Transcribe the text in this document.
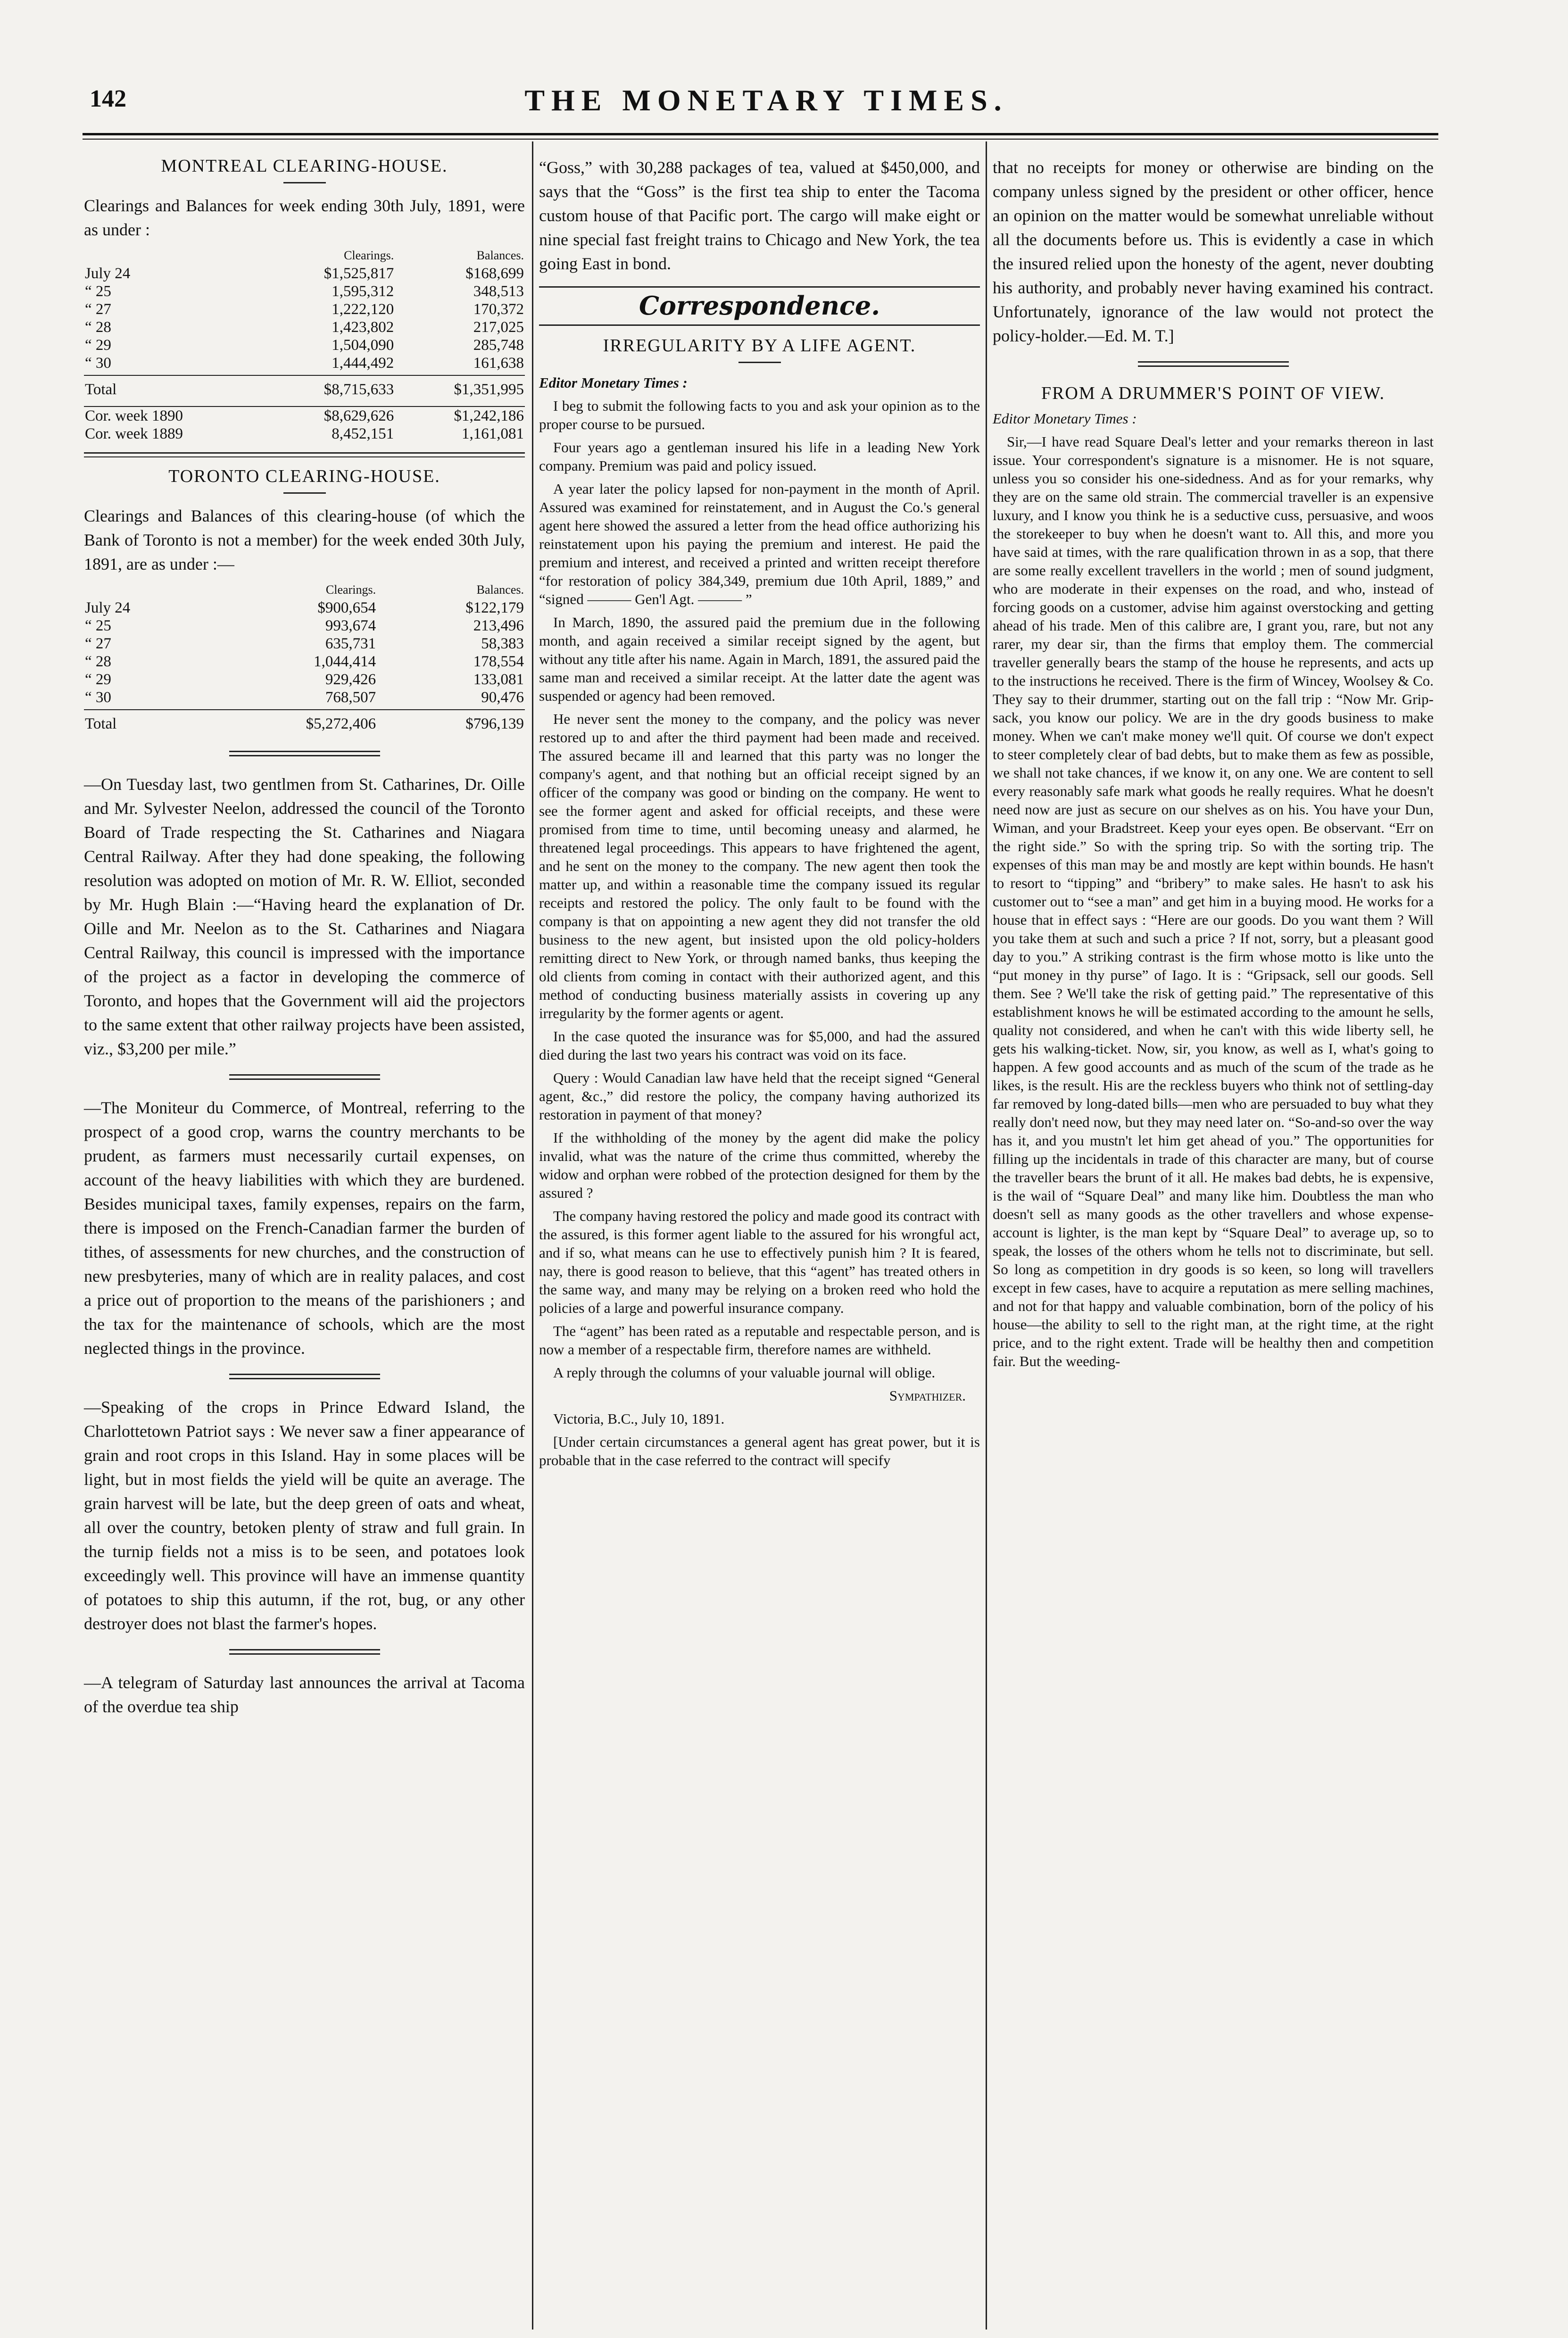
142	THE MONETARY TIMES.
MONTREAL CLEARING-HOUSE.

Clearings and Balances for week ending 30th July, 1891, were as under :

	Clearings.	Balances.
July 24	$1,525,817	$168,699
“ 25	1,595,312	348,513
“ 27	1,222,120	170,372
“ 28	1,423,802	217,025
“ 29	1,504,090	285,748
“ 30	1,444,492	161,638

Total	$8,715,633	$1,351,995

Cor. week 1890	$8,629,626	$1,242,186
Cor. week 1889	8,452,151	1,161,081
TORONTO CLEARING-HOUSE.

Clearings and Balances of this clearing-house (of which the Bank of Toronto is not a member) for the week ended 30th July, 1891, are as under :—

	Clearings.	Balances.
July 24	$900,654	$122,179
“ 25	993,674	213,496
“ 27	635,731	58,383
“ 28	1,044,414	178,554
“ 29	929,426	133,081
“ 30	768,507	90,476

Total	$5,272,406	$796,139

—On Tuesday last, two gentlmen from St. Catharines, Dr. Oille and Mr. Sylvester Neelon, addressed the council of the Toronto Board of Trade respecting the St. Catharines and Niagara Central Railway. After they had done speaking, the following resolution was adopted on motion of Mr. R. W. Elliot, seconded by Mr. Hugh Blain :—“Having heard the explanation of Dr. Oille and Mr. Neelon as to the St. Catharines and Niagara Central Railway, this council is impressed with the importance of the project as a factor in developing the commerce of Toronto, and hopes that the Government will aid the projectors to the same extent that other railway projects have been assisted, viz., $3,200 per mile.”

—The Moniteur du Commerce, of Montreal, referring to the prospect of a good crop, warns the country merchants to be prudent, as farmers must necessarily curtail expenses, on account of the heavy liabilities with which they are burdened. Besides municipal taxes, family expenses, repairs on the farm, there is imposed on the French-Canadian farmer the burden of tithes, of assessments for new churches, and the construction of new presbyteries, many of which are in reality palaces, and cost a price out of proportion to the means of the parishioners ; and the tax for the maintenance of schools, which are the most neglected things in the province.

—Speaking of the crops in Prince Edward Island, the Charlottetown Patriot says : We never saw a finer appearance of grain and root crops in this Island. Hay in some places will be light, but in most fields the yield will be quite an average. The grain harvest will be late, but the deep green of oats and wheat, all over the country, betoken plenty of straw and full grain. In the turnip fields not a miss is to be seen, and potatoes look exceedingly well. This province will have an immense quantity of potatoes to ship this autumn, if the rot, bug, or any other destroyer does not blast the farmer's hopes.

—A telegram of Saturday last announces the arrival at Tacoma of the overdue tea ship

“Goss,” with 30,288 packages of tea, valued at $450,000, and says that the “Goss” is the first tea ship to enter the Tacoma custom house of that Pacific port. The cargo will make eight or nine special fast freight trains to Chicago and New York, the tea going East in bond.

Correspondence.
IRREGULARITY BY A LIFE AGENT.

Editor Monetary Times :

I beg to submit the following facts to you and ask your opinion as to the proper course to be pursued.

Four years ago a gentleman insured his life in a leading New York company. Premium was paid and policy issued.

A year later the policy lapsed for non-payment in the month of April. Assured was examined for reinstatement, and in August the Co.'s general agent here showed the assured a letter from the head office authorizing his reinstatement upon his paying the premium and interest. He paid the premium and interest, and received a printed and written receipt therefore “for restoration of policy 384,349, premium due 10th April, 1889,” and “signed ——— Gen'l Agt. ——— ”

In March, 1890, the assured paid the premium due in the following month, and again received a similar receipt signed by the agent, but without any title after his name. Again in March, 1891, the assured paid the same man and received a similar receipt. At the latter date the agent was suspended or agency had been removed.

He never sent the money to the company, and the policy was never restored up to and after the third payment had been made and received. The assured became ill and learned that this party was no longer the company's agent, and that nothing but an official receipt signed by an officer of the company was good or binding on the company. He went to see the former agent and asked for official receipts, and these were promised from time to time, until becoming uneasy and alarmed, he threatened legal proceedings. This appears to have frightened the agent, and he sent on the money to the company. The new agent then took the matter up, and within a reasonable time the company issued its regular receipts and restored the policy. The only fault to be found with the company is that on appointing a new agent they did not transfer the old business to the new agent, but insisted upon the old policy-holders remitting direct to New York, or through named banks, thus keeping the old clients from coming in contact with their authorized agent, and this method of conducting business materially assists in covering up any irregularity by the former agents or agent.

In the case quoted the insurance was for $5,000, and had the assured died during the last two years his contract was void on its face.

Query : Would Canadian law have held that the receipt signed “General agent, &c.,” did restore the policy, the company having authorized its restoration in payment of that money?

If the withholding of the money by the agent did make the policy invalid, what was the nature of the crime thus committed, whereby the widow and orphan were robbed of the protection designed for them by the assured ?

The company having restored the policy and made good its contract with the assured, is this former agent liable to the assured for his wrongful act, and if so, what means can he use to effectively punish him ? It is feared, nay, there is good reason to believe, that this “agent” has treated others in the same way, and many may be relying on a broken reed who hold the policies of a large and powerful insurance company.

The “agent” has been rated as a reputable and respectable person, and is now a member of a respectable firm, therefore names are withheld.

A reply through the columns of your valuable journal will oblige.

Sympathizer.

Victoria, B.C., July 10, 1891.

[Under certain circumstances a general agent has great power, but it is probable that in the case referred to the contract will specify

that no receipts for money or otherwise are binding on the company unless signed by the president or other officer, hence an opinion on the matter would be somewhat unreliable without all the documents before us. This is evidently a case in which the insured relied upon the honesty of the agent, never doubting his authority, and probably never having examined his contract. Unfortunately, ignorance of the law would not protect the policy-holder.—Ed. M. T.]

FROM A DRUMMER'S POINT OF VIEW.

Editor Monetary Times :

Sir,—I have read Square Deal's letter and your remarks thereon in last issue. Your correspondent's signature is a misnomer. He is not square, unless you so consider his one-sidedness. And as for your remarks, why they are on the same old strain. The commercial traveller is an expensive luxury, and I know you think he is a seductive cuss, persuasive, and woos the storekeeper to buy when he doesn't want to. All this, and more you have said at times, with the rare qualification thrown in as a sop, that there are some really excellent travellers in the world ; men of sound judgment, who are moderate in their expenses on the road, and who, instead of forcing goods on a customer, advise him against overstocking and getting ahead of his trade. Men of this calibre are, I grant you, rare, but not any rarer, my dear sir, than the firms that employ them. The commercial traveller generally bears the stamp of the house he represents, and acts up to the instructions he received. There is the firm of Wincey, Woolsey & Co. They say to their drummer, starting out on the fall trip : “Now Mr. Grip-sack, you know our policy. We are in the dry goods business to make money. When we can't make money we'll quit. Of course we don't expect to steer completely clear of bad debts, but to make them as few as possible, we shall not take chances, if we know it, on any one. We are content to sell every reasonably safe mark what goods he really requires. What he doesn't need now are just as secure on our shelves as on his. You have your Dun, Wiman, and your Bradstreet. Keep your eyes open. Be observant. “Err on the right side.” So with the spring trip. So with the sorting trip. The expenses of this man may be and mostly are kept within bounds. He hasn't to resort to “tipping” and “bribery” to make sales. He hasn't to ask his customer out to “see a man” and get him in a buying mood. He works for a house that in effect says : “Here are our goods. Do you want them ? Will you take them at such and such a price ? If not, sorry, but a pleasant good day to you.” A striking contrast is the firm whose motto is like unto the “put money in thy purse” of Iago. It is : “Gripsack, sell our goods. Sell them. See ? We'll take the risk of getting paid.” The representative of this establishment knows he will be estimated according to the amount he sells, quality not considered, and when he can't with this wide liberty sell, he gets his walking-ticket. Now, sir, you know, as well as I, what's going to happen. A few good accounts and as much of the scum of the trade as he likes, is the result. His are the reckless buyers who think not of settling-day far removed by long-dated bills—men who are persuaded to buy what they really don't need now, but they may need later on. “So-and-so over the way has it, and you mustn't let him get ahead of you.” The opportunities for filling up the incidentals in trade of this character are many, but of course the traveller bears the brunt of it all. He makes bad debts, he is expensive, is the wail of “Square Deal” and many like him. Doubtless the man who doesn't sell as many goods as the other travellers and whose expense-account is lighter, is the man kept by “Square Deal” to average up, so to speak, the losses of the others whom he tells not to discriminate, but sell. So long as competition in dry goods is so keen, so long will travellers except in few cases, have to acquire a reputation as mere selling machines, and not for that happy and valuable combination, born of the policy of his house—the ability to sell to the right man, at the right time, at the right price, and to the right extent. Trade will be healthy then and competition fair. But the weeding-
